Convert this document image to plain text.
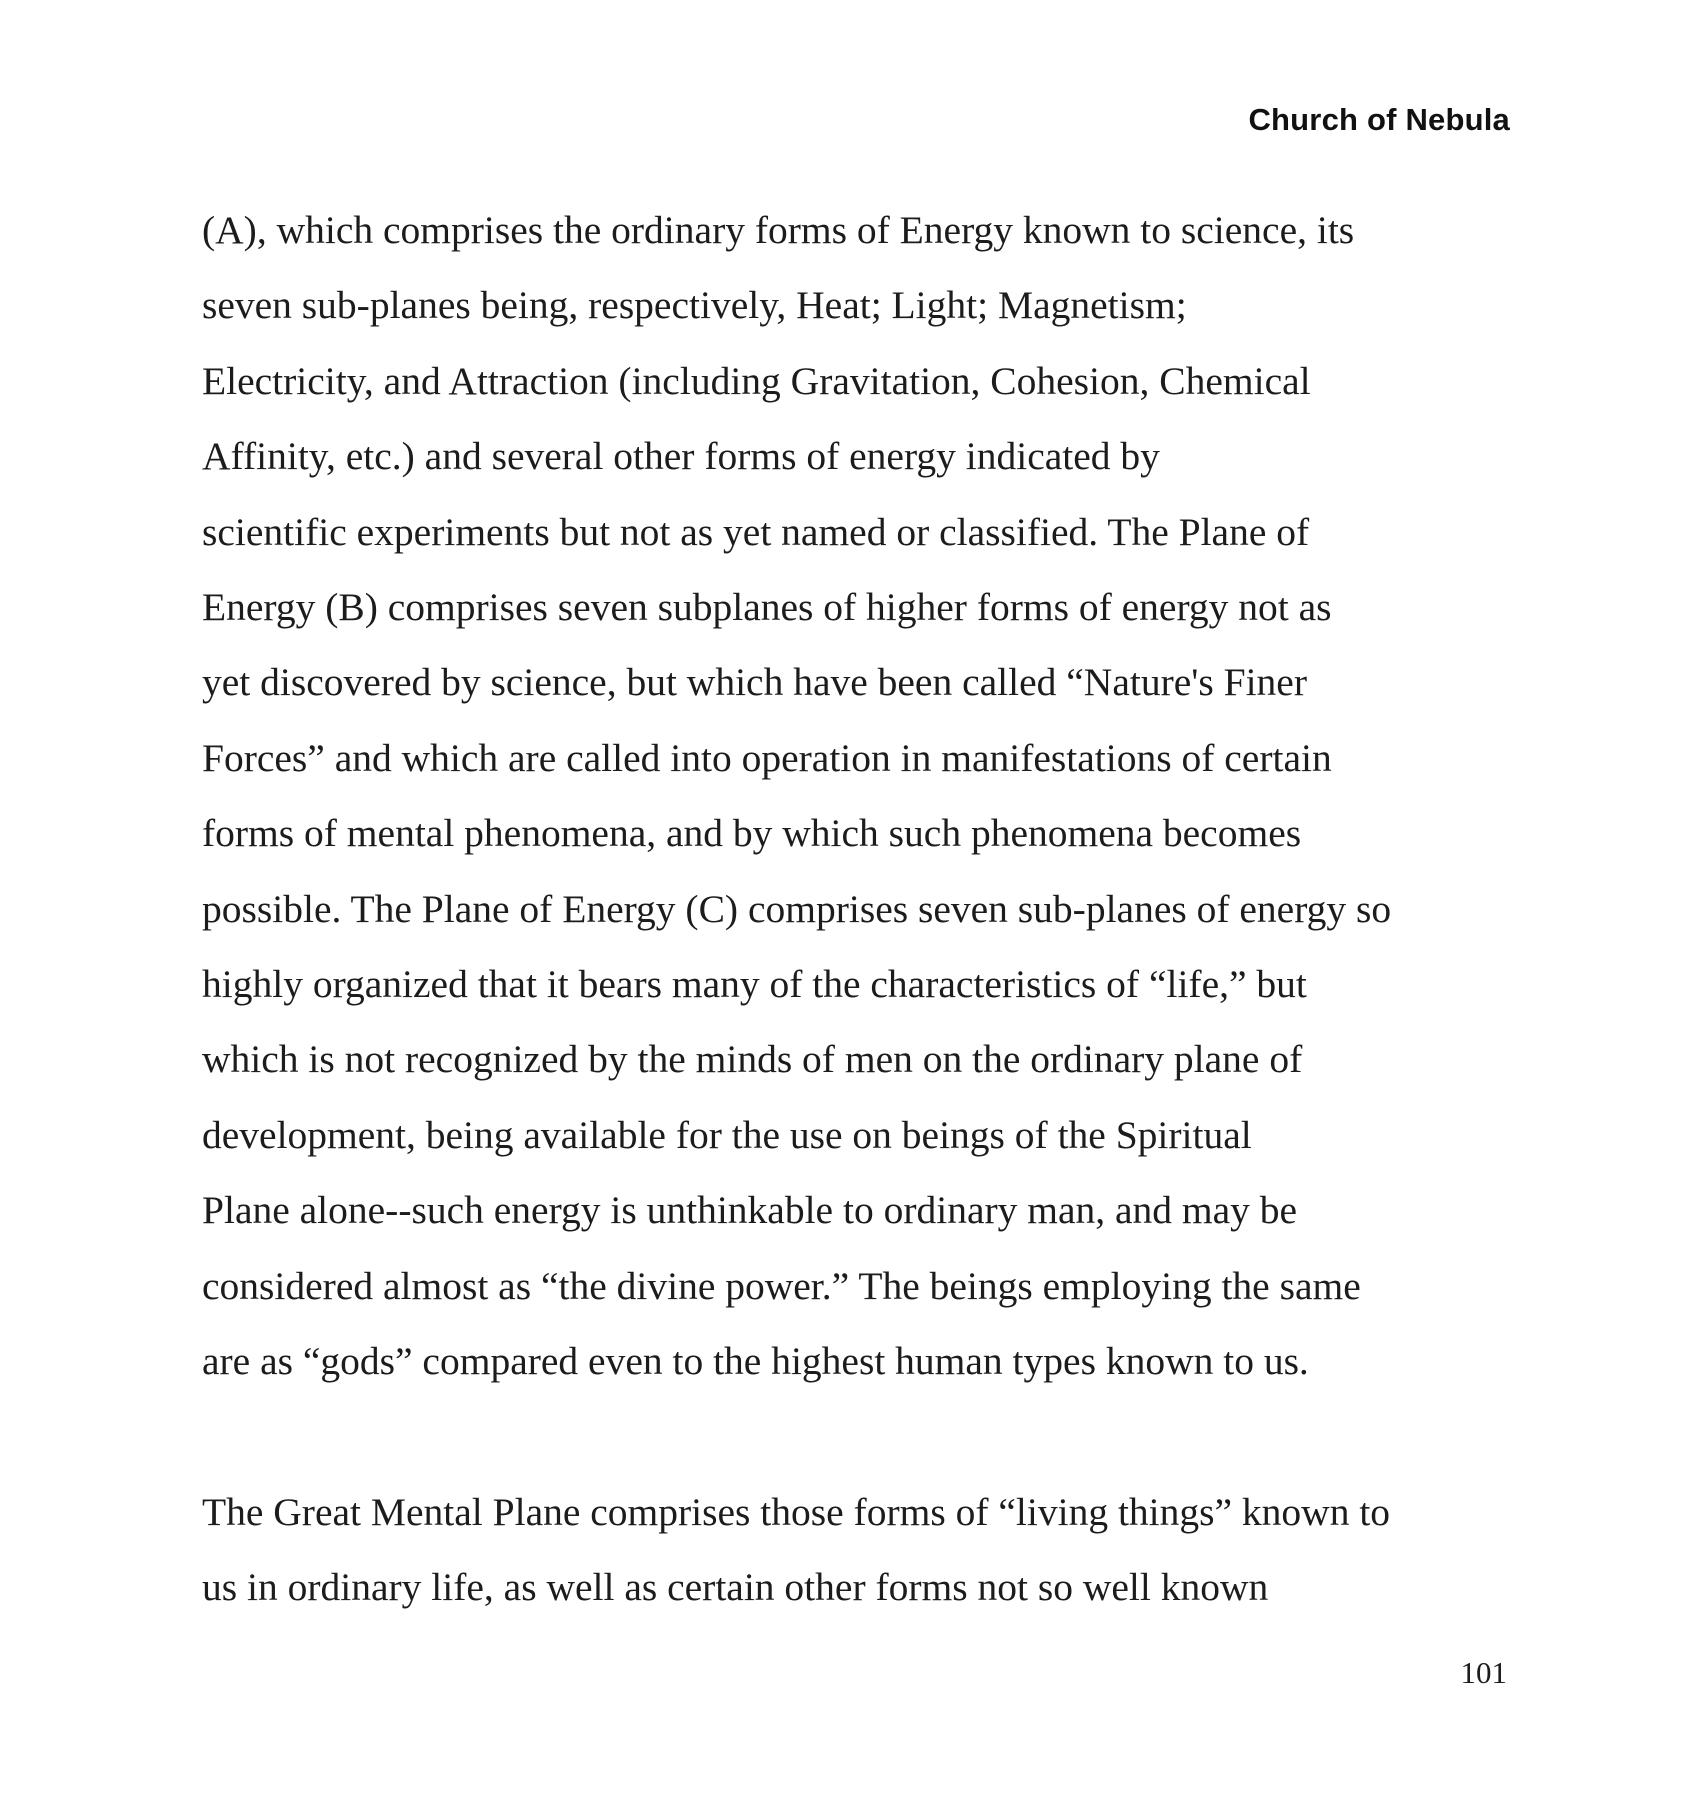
Church of Nebula
(A), which comprises the ordinary forms of Energy known to science, its
seven sub-planes being, respectively, Heat; Light; Magnetism;
Electricity, and Attraction (including Gravitation, Cohesion, Chemical
Affinity, etc.) and several other forms of energy indicated by
scientific experiments but not as yet named or classified. The Plane of
Energy (B) comprises seven subplanes of higher forms of energy not as
yet discovered by science, but which have been called “Nature's Finer
Forces” and which are called into operation in manifestations of certain
forms of mental phenomena, and by which such phenomena becomes
possible. The Plane of Energy (C) comprises seven sub-planes of energy so
highly organized that it bears many of the characteristics of “life,” but
which is not recognized by the minds of men on the ordinary plane of
development, being available for the use on beings of the Spiritual
Plane alone--such energy is unthinkable to ordinary man, and may be
considered almost as “the divine power.” The beings employing the same
are as “gods” compared even to the highest human types known to us.
The Great Mental Plane comprises those forms of “living things” known to
us in ordinary life, as well as certain other forms not so well known
101
